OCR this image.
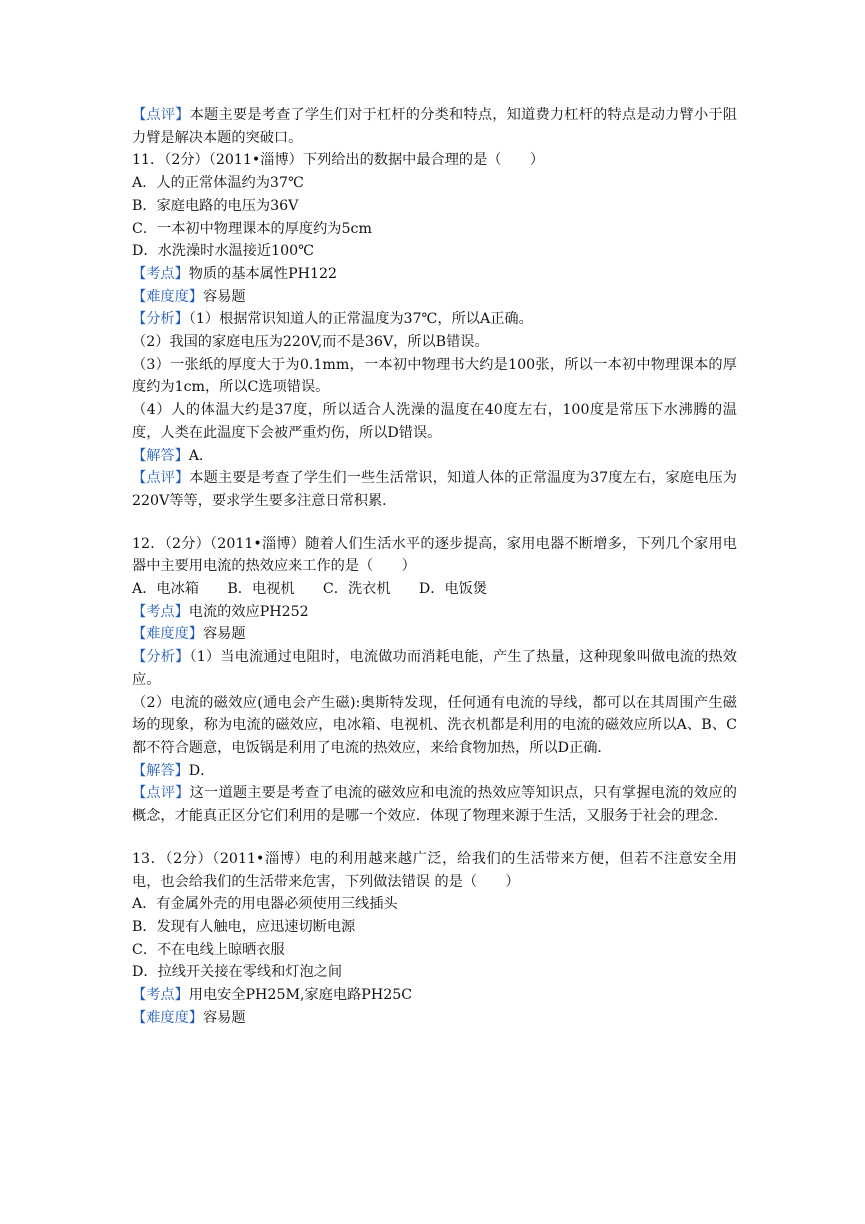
【点评】本题主要是考查了学生们对于杠杆的分类和特点，知道费力杠杆的特点是动力臂小于阻力臂是解决本题的突破口。

11．（2分）（2011•淄博）下列给出的数据中最合理的是（　　）

A．人的正常体温约为37℃

B．家庭电路的电压为36V

C．一本初中物理课本的厚度约为5cm

D．水洗澡时水温接近100℃

【考点】物质的基本属性PH122

【难度度】容易题

【分析】（1）根据常识知道人的正常温度为37℃，所以A正确。

（2）我国的家庭电压为220V,而不是36V，所以B错误。

（3）一张纸的厚度大于为0.1mm，一本初中物理书大约是100张，所以一本初中物理课本的厚度约为1cm，所以C选项错误。

（4）人的体温大约是37度，所以适合人洗澡的温度在40度左右，100度是常压下水沸腾的温度，人类在此温度下会被严重灼伤，所以D错误。

【解答】A．

【点评】本题主要是考查了学生们一些生活常识，知道人体的正常温度为37度左右，家庭电压为220V等等，要求学生要多注意日常积累．

12．（2分）（2011•淄博）随着人们生活水平的逐步提高，家用电器不断增多，下列几个家用电器中主要用电流的热效应来工作的是（　　）

A．电冰箱　　B．电视机　　C．洗衣机　　D．电饭煲

【考点】电流的效应PH252

【难度度】容易题

【分析】（1）当电流通过电阻时，电流做功而消耗电能，产生了热量，这种现象叫做电流的热效应。

（2）电流的磁效应(通电会产生磁):奥斯特发现，任何通有电流的导线，都可以在其周围产生磁场的现象，称为电流的磁效应，电冰箱、电视机、洗衣机都是利用的电流的磁效应所以A、B、C都不符合题意，电饭锅是利用了电流的热效应，来给食物加热，所以D正确．

【解答】D．

【点评】这一道题主要是考查了电流的磁效应和电流的热效应等知识点，只有掌握电流的效应的概念，才能真正区分它们利用的是哪一个效应．体现了物理来源于生活，又服务于社会的理念．

13．（2分）（2011•淄博）电的利用越来越广泛，给我们的生活带来方便，但若不注意安全用电，也会给我们的生活带来危害，下列做法错误 的是（　　）

A．有金属外壳的用电器必须使用三线插头

B．发现有人触电，应迅速切断电源

C．不在电线上晾晒衣服

D．拉线开关接在零线和灯泡之间

【考点】用电安全PH25M,家庭电路PH25C

【难度度】容易题
